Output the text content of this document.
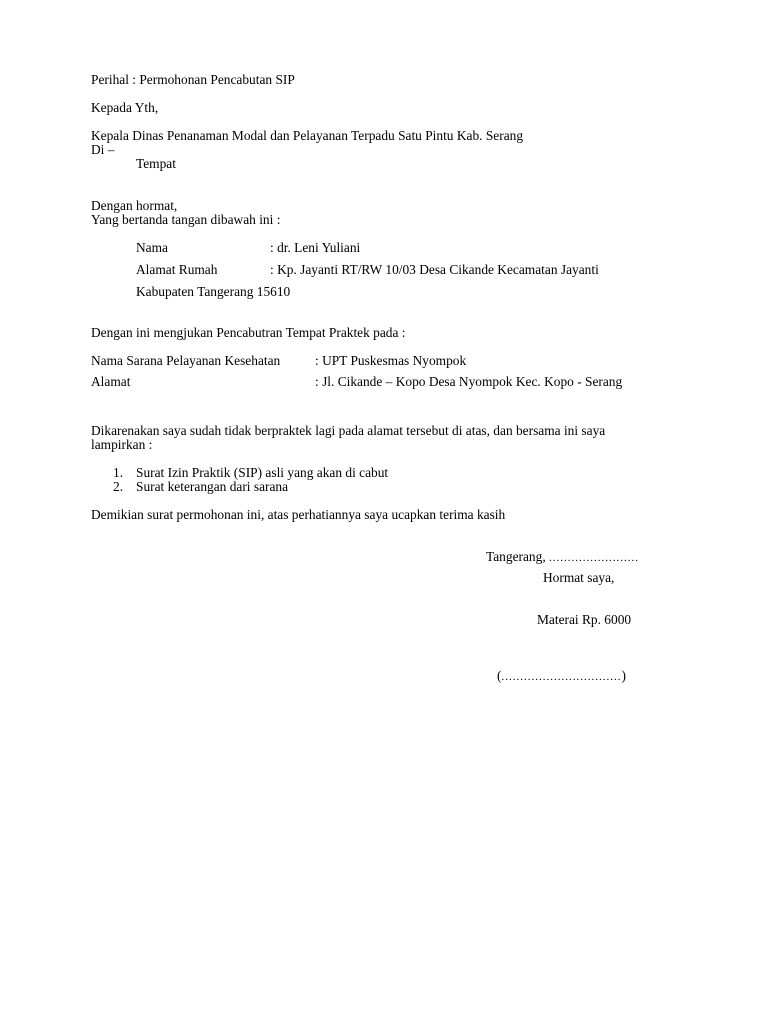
Perihal : Permohonan Pencabutan SIP
Kepada Yth,
Kepala Dinas Penanaman Modal dan Pelayanan Terpadu Satu Pintu Kab. Serang
Di –
Tempat
Dengan hormat,
Yang bertanda tangan dibawah ini :
Nama	: dr. Leni Yuliani
Alamat Rumah	: Kp. Jayanti RT/RW 10/03 Desa Cikande Kecamatan Jayanti
Kabupaten Tangerang 15610
Dengan ini mengjukan Pencabutran Tempat Praktek pada :
Nama Sarana Pelayanan Kesehatan	: UPT Puskesmas Nyompok
Alamat	: Jl. Cikande – Kopo Desa Nyompok Kec. Kopo - Serang
Dikarenakan saya sudah tidak berpraktek lagi pada alamat tersebut di atas, dan bersama ini saya
lampirkan :
1. Surat Izin Praktik (SIP) asli yang akan di cabut
2. Surat keterangan dari sarana
Demikian surat permohonan ini, atas perhatiannya saya ucapkan terima kasih
Tangerang, ........................
Hormat saya,
Materai Rp. 6000
(................................)
